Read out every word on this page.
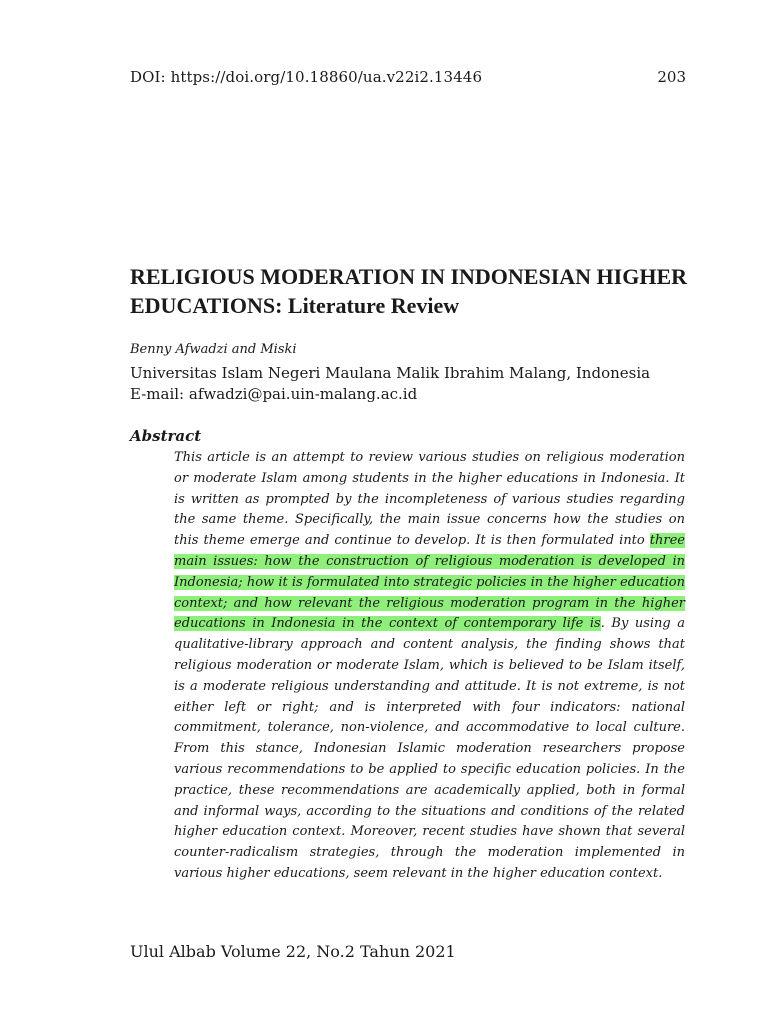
DOI: https://doi.org/10.18860/ua.v22i2.13446	203
RELIGIOUS MODERATION IN INDONESIAN HIGHER EDUCATIONS: Literature Review
Benny Afwadzi and Miski
Universitas Islam Negeri Maulana Malik Ibrahim Malang, Indonesia
E-mail: afwadzi@pai.uin-malang.ac.id
Abstract

This article is an attempt to review various studies on religious moderation or moderate Islam among students in the higher educations in Indonesia. It is written as prompted by the incompleteness of various studies regarding the same theme. Specifically, the main issue concerns how the studies on this theme emerge and continue to develop. It is then formulated into three main issues: how the construction of religious moderation is developed in Indonesia; how it is formulated into strategic policies in the higher education context; and how relevant the religious moderation program in the higher educations in Indonesia in the context of contemporary life is. By using a qualitative-library approach and content analysis, the finding shows that religious moderation or moderate Islam, which is believed to be Islam itself, is a moderate religious understanding and attitude. It is not extreme, is not either left or right; and is interpreted with four indicators: national commitment, tolerance, non-violence, and accommodative to local culture. From this stance, Indonesian Islamic moderation researchers propose various recommendations to be applied to specific education policies. In the practice, these recommendations are academically applied, both in formal and informal ways, according to the situations and conditions of the related higher education context. Moreover, recent studies have shown that several counter-radicalism strategies, through the moderation implemented in various higher educations, seem relevant in the higher education context.

Ulul Albab Volume 22, No.2 Tahun 2021
